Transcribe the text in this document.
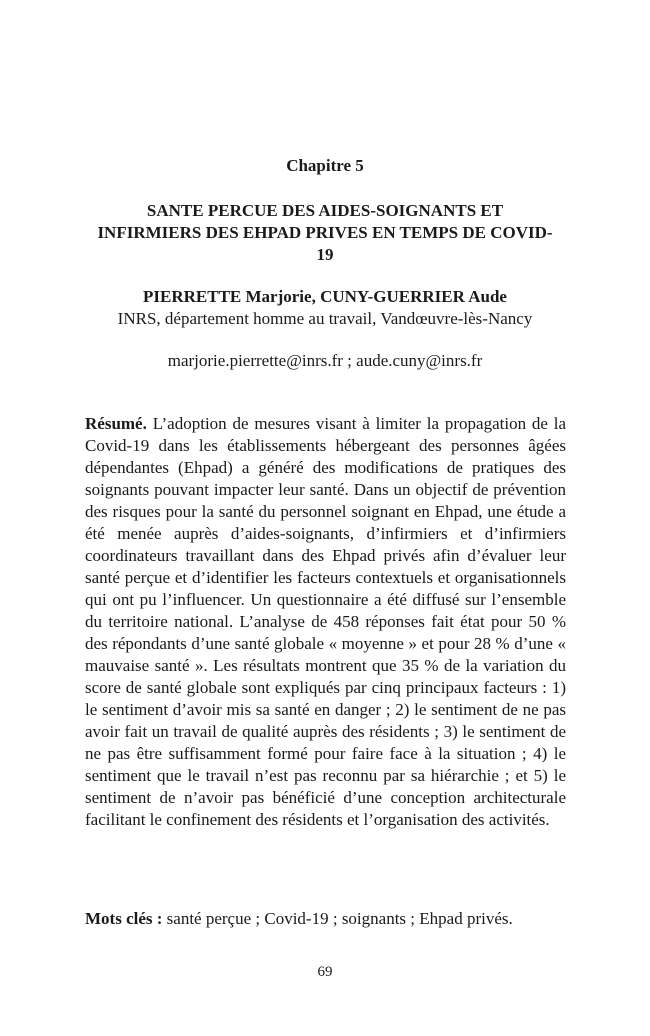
Chapitre 5

SANTE PERCUE DES AIDES-SOIGNANTS ET INFIRMIERS DES EHPAD PRIVES EN TEMPS DE COVID-19

PIERRETTE Marjorie, CUNY-GUERRIER Aude

INRS, département homme au travail, Vandœuvre-lès-Nancy

marjorie.pierrette@inrs.fr ; aude.cuny@inrs.fr

Résumé. L’adoption de mesures visant à limiter la propagation de la Covid-19 dans les établissements hébergeant des personnes âgées dépendantes (Ehpad) a généré des modifications de pratiques des soignants pouvant impacter leur santé. Dans un objectif de prévention des risques pour la santé du personnel soignant en Ehpad, une étude a été menée auprès d’aides-soignants, d’infirmiers et d’infirmiers coordinateurs travaillant dans des Ehpad privés afin d’évaluer leur santé perçue et d’identifier les facteurs contextuels et organisationnels qui ont pu l’influencer. Un questionnaire a été diffusé sur l’ensemble du territoire national. L’analyse de 458 réponses fait état pour 50 % des répondants d’une santé globale « moyenne » et pour 28 % d’une « mauvaise santé ». Les résultats montrent que 35 % de la variation du score de santé globale sont expliqués par cinq principaux facteurs : 1) le sentiment d’avoir mis sa santé en danger ; 2) le sentiment de ne pas avoir fait un travail de qualité auprès des résidents ; 3) le sentiment de ne pas être suffisamment formé pour faire face à la situation ; 4) le sentiment que le travail n’est pas reconnu par sa hiérarchie ; et 5) le sentiment de n’avoir pas bénéficié d’une conception architecturale facilitant le confinement des résidents et l’organisation des activités.

Mots clés : santé perçue ; Covid-19 ; soignants ; Ehpad privés.

69
